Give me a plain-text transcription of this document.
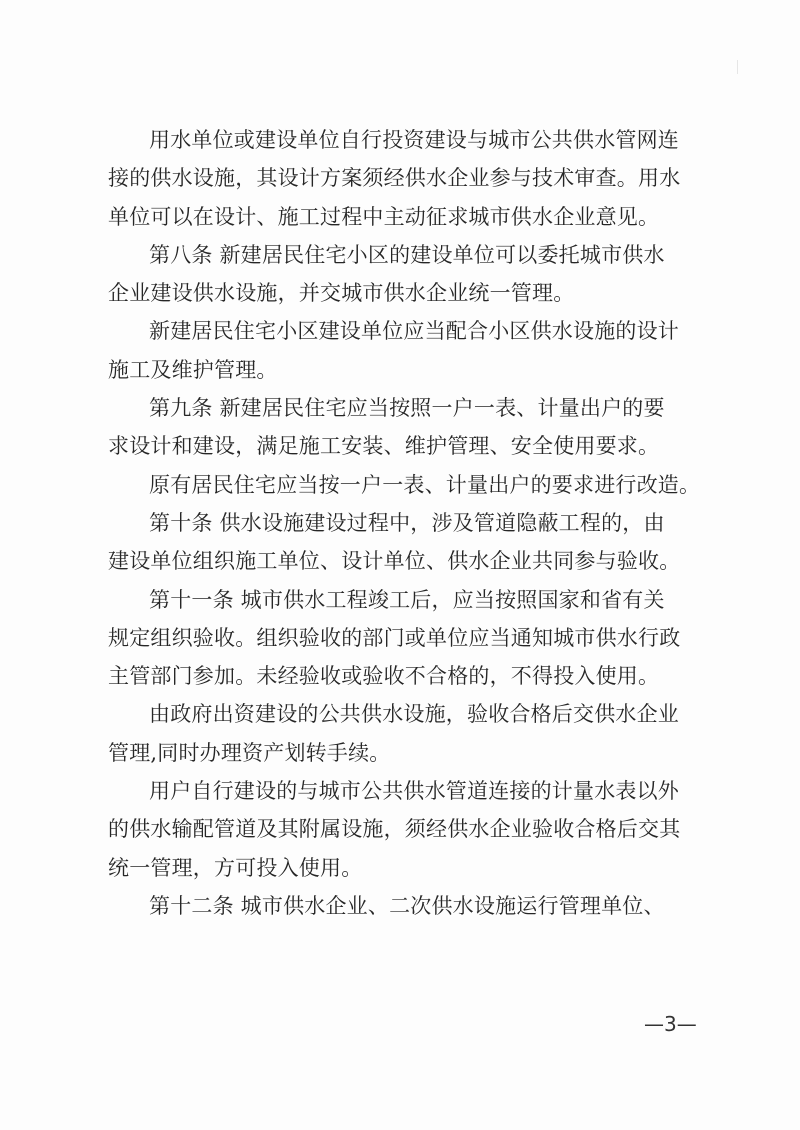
用水单位或建设单位自行投资建设与城市公共供水管网连
接的供水设施，其设计方案须经供水企业参与技术审查。用水
单位可以在设计、施工过程中主动征求城市供水企业意见。
第八条 新建居民住宅小区的建设单位可以委托城市供水
企业建设供水设施，并交城市供水企业统一管理。
新建居民住宅小区建设单位应当配合小区供水设施的设计
施工及维护管理。
第九条 新建居民住宅应当按照一户一表、计量出户的要
求设计和建设，满足施工安装、维护管理、安全使用要求。
原有居民住宅应当按一户一表、计量出户的要求进行改造。
第十条 供水设施建设过程中，涉及管道隐蔽工程的，由
建设单位组织施工单位、设计单位、供水企业共同参与验收。
第十一条 城市供水工程竣工后，应当按照国家和省有关
规定组织验收。组织验收的部门或单位应当通知城市供水行政
主管部门参加。未经验收或验收不合格的，不得投入使用。
由政府出资建设的公共供水设施，验收合格后交供水企业
管理,同时办理资产划转手续。
用户自行建设的与城市公共供水管道连接的计量水表以外
的供水输配管道及其附属设施，须经供水企业验收合格后交其
统一管理，方可投入使用。
第十二条 城市供水企业、二次供水设施运行管理单位、
—3—
